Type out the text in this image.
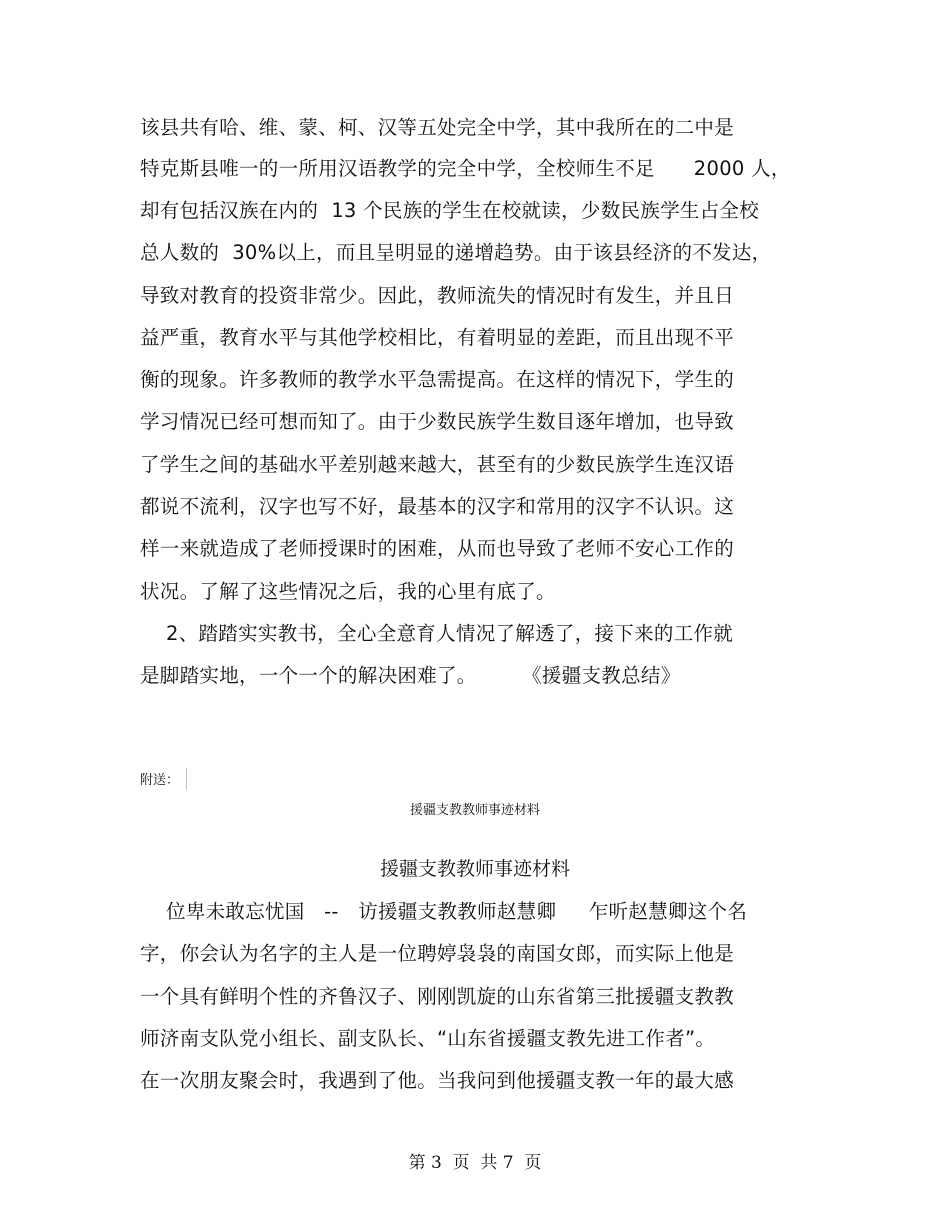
该县共有哈、维、蒙、柯、汉等五处完全中学，其中我所在的二中是
特克斯县唯一的一所用汉语教学的完全中学，全校师生不足      2000 人，
却有包括汉族在内的  13 个民族的学生在校就读，少数民族学生占全校
总人数的  30%以上，而且呈明显的递增趋势。由于该县经济的不发达，
导致对教育的投资非常少。因此，教师流失的情况时有发生，并且日
益严重，教育水平与其他学校相比，有着明显的差距，而且出现不平
衡的现象。许多教师的教学水平急需提高。在这样的情况下，学生的
学习情况已经可想而知了。由于少数民族学生数目逐年增加，也导致
了学生之间的基础水平差别越来越大，甚至有的少数民族学生连汉语
都说不流利，汉字也写不好，最基本的汉字和常用的汉字不认识。这
样一来就造成了老师授课时的困难，从而也导致了老师不安心工作的
状况。了解了这些情况之后，我的心里有底了。
2、踏踏实实教书，全心全意育人情况了解透了，接下来的工作就
是脚踏实地，一个一个的解决困难了。       《援疆支教总结》
附送：
援疆支教教师事迹材料
援疆支教教师事迹材料
位卑未敢忘忧国   --   访援疆支教教师赵慧卿     乍听赵慧卿这个名
字，你会认为名字的主人是一位聘婷袅袅的南国女郎，而实际上他是
一个具有鲜明个性的齐鲁汉子、刚刚凯旋的山东省第三批援疆支教教
师济南支队党小组长、副支队长、“山东省援疆支教先进工作者”。
在一次朋友聚会时，我遇到了他。当我问到他援疆支教一年的最大感
第 3  页  共 7  页
